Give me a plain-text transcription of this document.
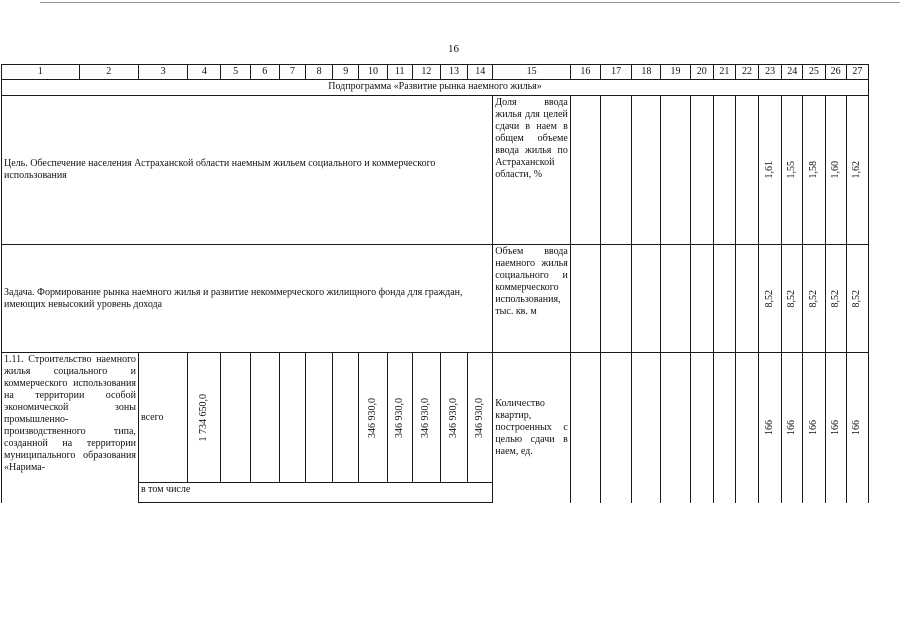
16
1	2	3	4	5	6	7	8	9	10	11	12	13	14	15	16	17	18	19	20	21	22	23	24	25	26	27
Подпрограмма «Развитие рынка наемного жилья»																										
Цель. Обеспечение населения Астраханской области наемным жильем социального и коммерческого использования														Доля ввода жилья для целей сдачи в наем в общем объеме ввода жилья по Астраханской области, %								1,61	1,55	1,58	1,60	1,62

Задача. Формирование рынка наемного жилья и развитие некоммерческого жилищного фонда для граждан, имеющих невысокий уровень дохода														Объем ввода наемного жилья социального и коммерческого использования, тыс. кв. м								8,52	8,52	8,52	8,52	8,52

1.11. Строительство наемного жилья социального и коммерческого использования на территории особой экономической зоны промышленно-производственного типа, созданной на территории муниципального образования «Нарима-		всего	1 734 650,0						346 930,0	346 930,0	346 930,0	346 930,0	346 930,0	Количество квартир, построенных с целью сдачи в наем, ед.								166	166	166	166	166

		в том числе																								
